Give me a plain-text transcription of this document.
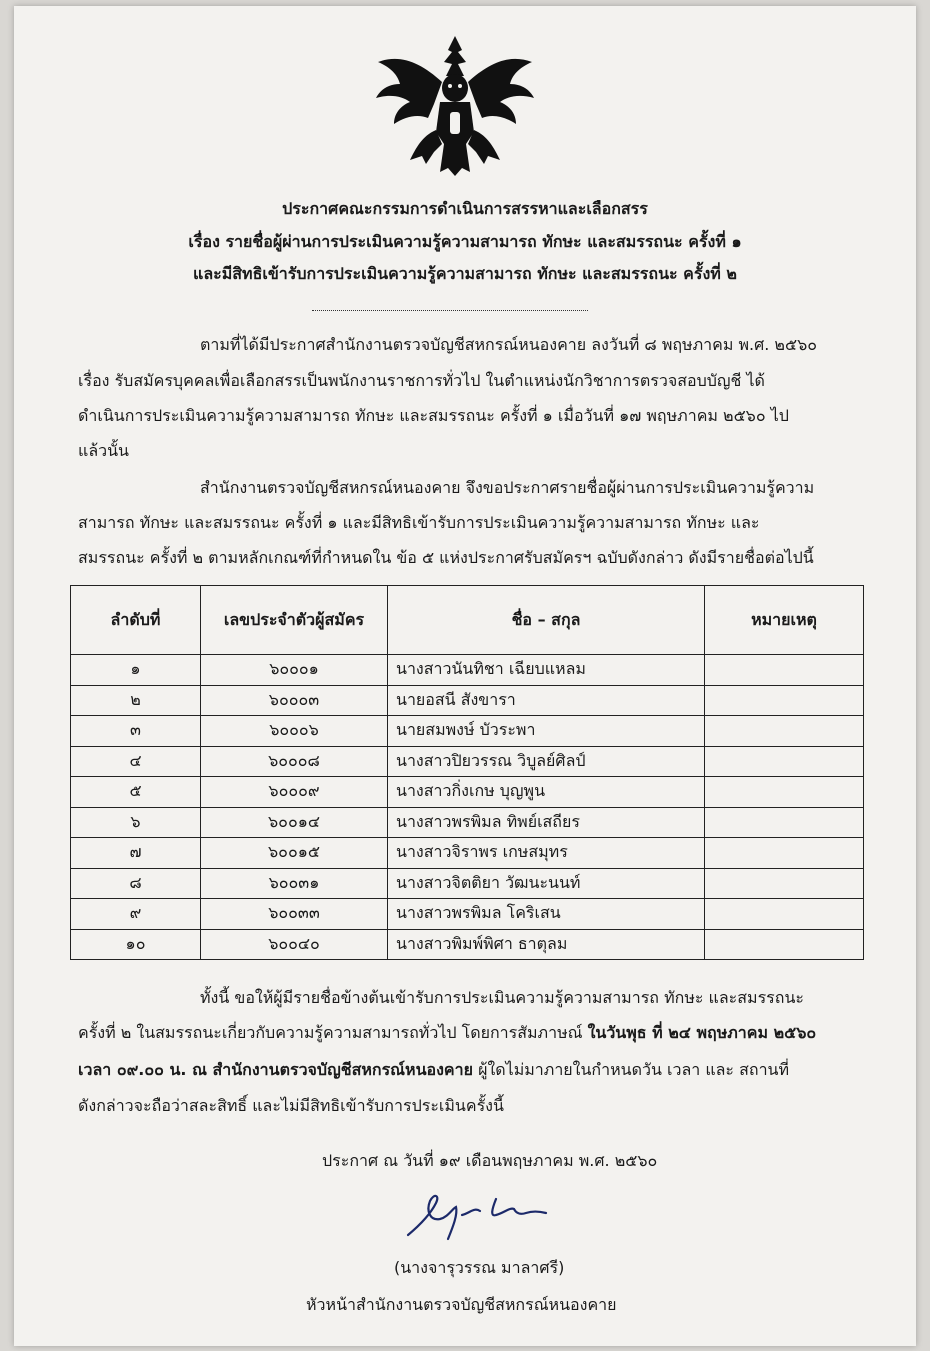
ประกาศคณะกรรมการดำเนินการสรรหาและเลือกสรร
เรื่อง รายชื่อผู้ผ่านการประเมินความรู้ความสามารถ ทักษะ และสมรรถนะ ครั้งที่ ๑
และมีสิทธิเข้ารับการประเมินความรู้ความสามารถ ทักษะ และสมรรถนะ ครั้งที่ ๒
ตามที่ได้มีประกาศสำนักงานตรวจบัญชีสหกรณ์หนองคาย ลงวันที่ ๘ พฤษภาคม พ.ศ. ๒๕๖๐
เรื่อง รับสมัครบุคคลเพื่อเลือกสรรเป็นพนักงานราชการทั่วไป ในตำแหน่งนักวิชาการตรวจสอบบัญชี ได้
ดำเนินการประเมินความรู้ความสามารถ ทักษะ และสมรรถนะ ครั้งที่ ๑ เมื่อวันที่ ๑๗ พฤษภาคม ๒๕๖๐ ไป
แล้วนั้น
สำนักงานตรวจบัญชีสหกรณ์หนองคาย จึงขอประกาศรายชื่อผู้ผ่านการประเมินความรู้ความ
สามารถ ทักษะ และสมรรถนะ ครั้งที่ ๑ และมีสิทธิเข้ารับการประเมินความรู้ความสามารถ ทักษะ และ
สมรรถนะ ครั้งที่ ๒ ตามหลักเกณฑ์ที่กำหนดใน ข้อ ๕ แห่งประกาศรับสมัครฯ ฉบับดังกล่าว ดังมีรายชื่อต่อไปนี้
ลำดับที่	เลขประจำตัวผู้สมัคร	ชื่อ – สกุล	หมายเหตุ
๑	๖๐๐๐๑	นางสาวนันทิชา เฉียบแหลม	
๒	๖๐๐๐๓	นายอสนี สังขารา	
๓	๖๐๐๐๖	นายสมพงษ์ บัวระพา	
๔	๖๐๐๐๘	นางสาวปิยวรรณ วิบูลย์ศิลป์	
๕	๖๐๐๐๙	นางสาวกิ่งเกษ บุญพูน	
๖	๖๐๐๑๔	นางสาวพรพิมล ทิพย์เสถียร	
๗	๖๐๐๑๕	นางสาวจิราพร เกษสมุทร	
๘	๖๐๐๓๑	นางสาวจิตติยา วัฒนะนนท์	
๙	๖๐๐๓๓	นางสาวพรพิมล โคริเสน	
๑๐	๖๐๐๔๐	นางสาวพิมพ์พิศา ธาตุลม	
ทั้งนี้ ขอให้ผู้มีรายชื่อข้างต้นเข้ารับการประเมินความรู้ความสามารถ ทักษะ และสมรรถนะ
ครั้งที่ ๒ ในสมรรถนะเกี่ยวกับความรู้ความสามารถทั่วไป โดยการสัมภาษณ์ ในวันพุธ ที่ ๒๔ พฤษภาคม ๒๕๖๐
เวลา ๐๙.๐๐ น. ณ สำนักงานตรวจบัญชีสหกรณ์หนองคาย ผู้ใดไม่มาภายในกำหนดวัน เวลา และ สถานที่
ดังกล่าวจะถือว่าสละสิทธิ์ และไม่มีสิทธิเข้ารับการประเมินครั้งนี้
ประกาศ ณ วันที่ ๑๙ เดือนพฤษภาคม พ.ศ. ๒๕๖๐
(นางจารุวรรณ มาลาศรี)
หัวหน้าสำนักงานตรวจบัญชีสหกรณ์หนองคาย
